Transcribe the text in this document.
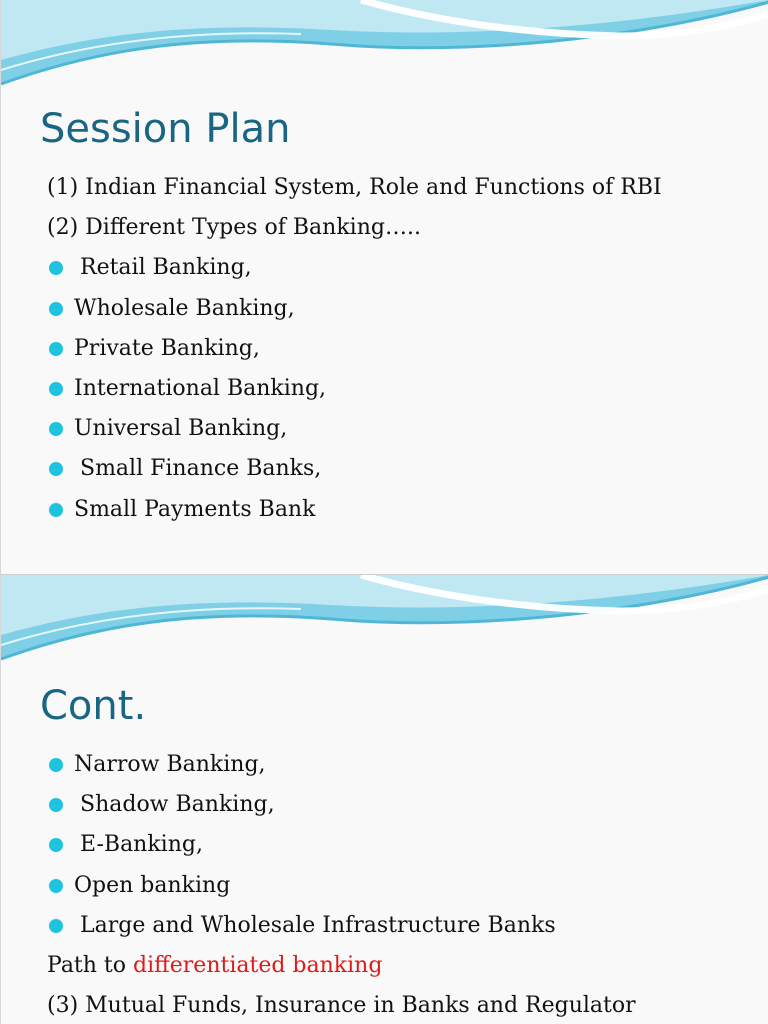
Session Plan
(1) Indian Financial System, Role and Functions of RBI
(2) Different Types of Banking…..
Retail Banking,
Wholesale Banking,
Private Banking,
International Banking,
Universal Banking,
Small Finance Banks,
Small Payments Bank
Cont.
Narrow Banking,
Shadow Banking,
E-Banking,
Open banking
Large and Wholesale Infrastructure Banks
Path to differentiated banking
(3) Mutual Funds, Insurance in Banks and Regulator
